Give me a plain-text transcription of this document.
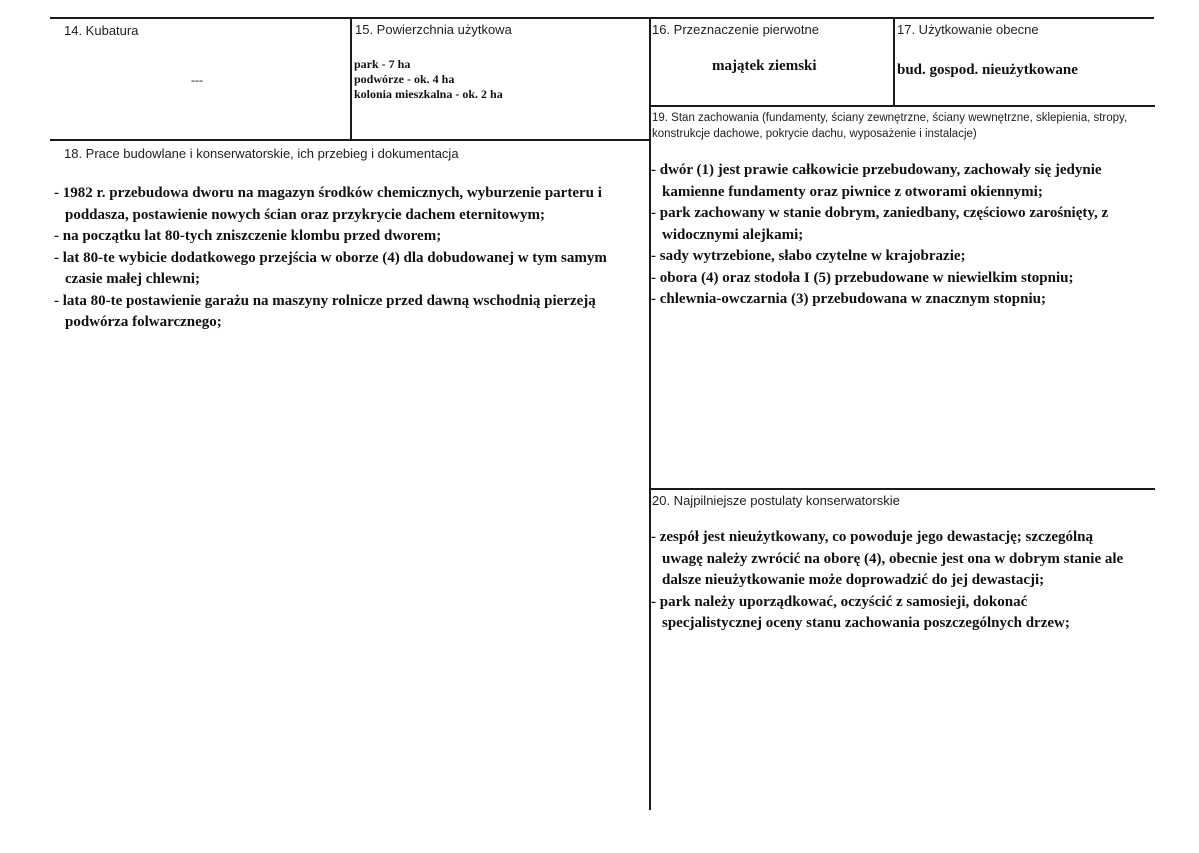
14. Kubatura
---
15. Powierzchnia użytkowa
park - 7 ha
podwórze - ok. 4 ha
kolonia mieszkalna - ok. 2 ha
16. Przeznaczenie pierwotne
majątek ziemski
17. Użytkowanie obecne
bud. gospod. nieużytkowane
18. Prace budowlane i konserwatorskie, ich przebieg i dokumentacja
- 1982 r. przebudowa dworu na magazyn środków chemicznych, wyburzenie parteru i poddasza, postawienie nowych ścian oraz przykrycie dachem eternitowym;
- na początku lat 80-tych zniszczenie klombu przed dworem;
- lat 80-te wybicie dodatkowego przejścia w oborze (4) dla dobudowanej w tym samym czasie małej chlewni;
- lata 80-te postawienie garażu na maszyny rolnicze przed dawną wschodnią pierzeją podwórza folwarcznego;
19. Stan zachowania (fundamenty, ściany zewnętrzne, ściany wewnętrzne, sklepienia, stropy, konstrukcje dachowe, pokrycie dachu, wyposażenie i instalacje)
- dwór (1) jest prawie całkowicie przebudowany, zachowały się jedynie kamienne fundamenty oraz piwnice z otworami okiennymi;
- park zachowany w stanie dobrym, zaniedbany, częściowo zarośnięty, z widocznymi alejkami;
- sady wytrzebione, słabo czytelne w krajobrazie;
- obora (4) oraz stodoła I (5) przebudowane w niewielkim stopniu;
- chlewnia-owczarnia (3) przebudowana w znacznym stopniu;
20. Najpilniejsze postulaty konserwatorskie
- zespół jest nieużytkowany, co powoduje jego dewastację; szczególną uwagę należy zwrócić na oborę (4), obecnie jest ona w dobrym stanie ale dalsze nieużytkowanie może doprowadzić do jej dewastacji;
- park należy uporządkować, oczyścić z samosieji, dokonać specjalistycznej oceny stanu zachowania poszczególnych drzew;
